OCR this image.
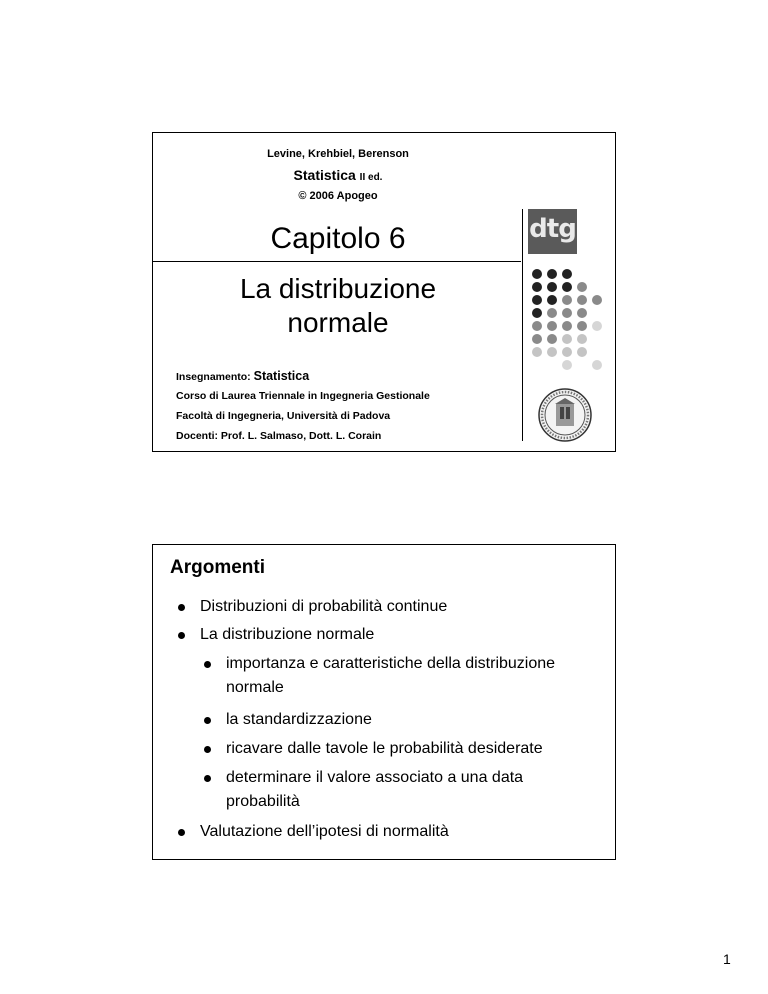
Levine, Krehbiel, Berenson
Statistica II ed.
© 2006 Apogeo
Capitolo 6
La distribuzione
normale
Insegnamento: Statistica
Corso di Laurea Triennale in Ingegneria Gestionale
Facoltà di Ingegneria, Università di Padova
Docenti: Prof. L. Salmaso, Dott. L. Corain
dtg
Argomenti
Distribuzioni di probabilità continue
La distribuzione normale
importanza e caratteristiche della distribuzione
normale
la standardizzazione
ricavare dalle tavole le probabilità desiderate
determinare il valore associato a una data
probabilità
Valutazione dell’ipotesi di normalità
1
